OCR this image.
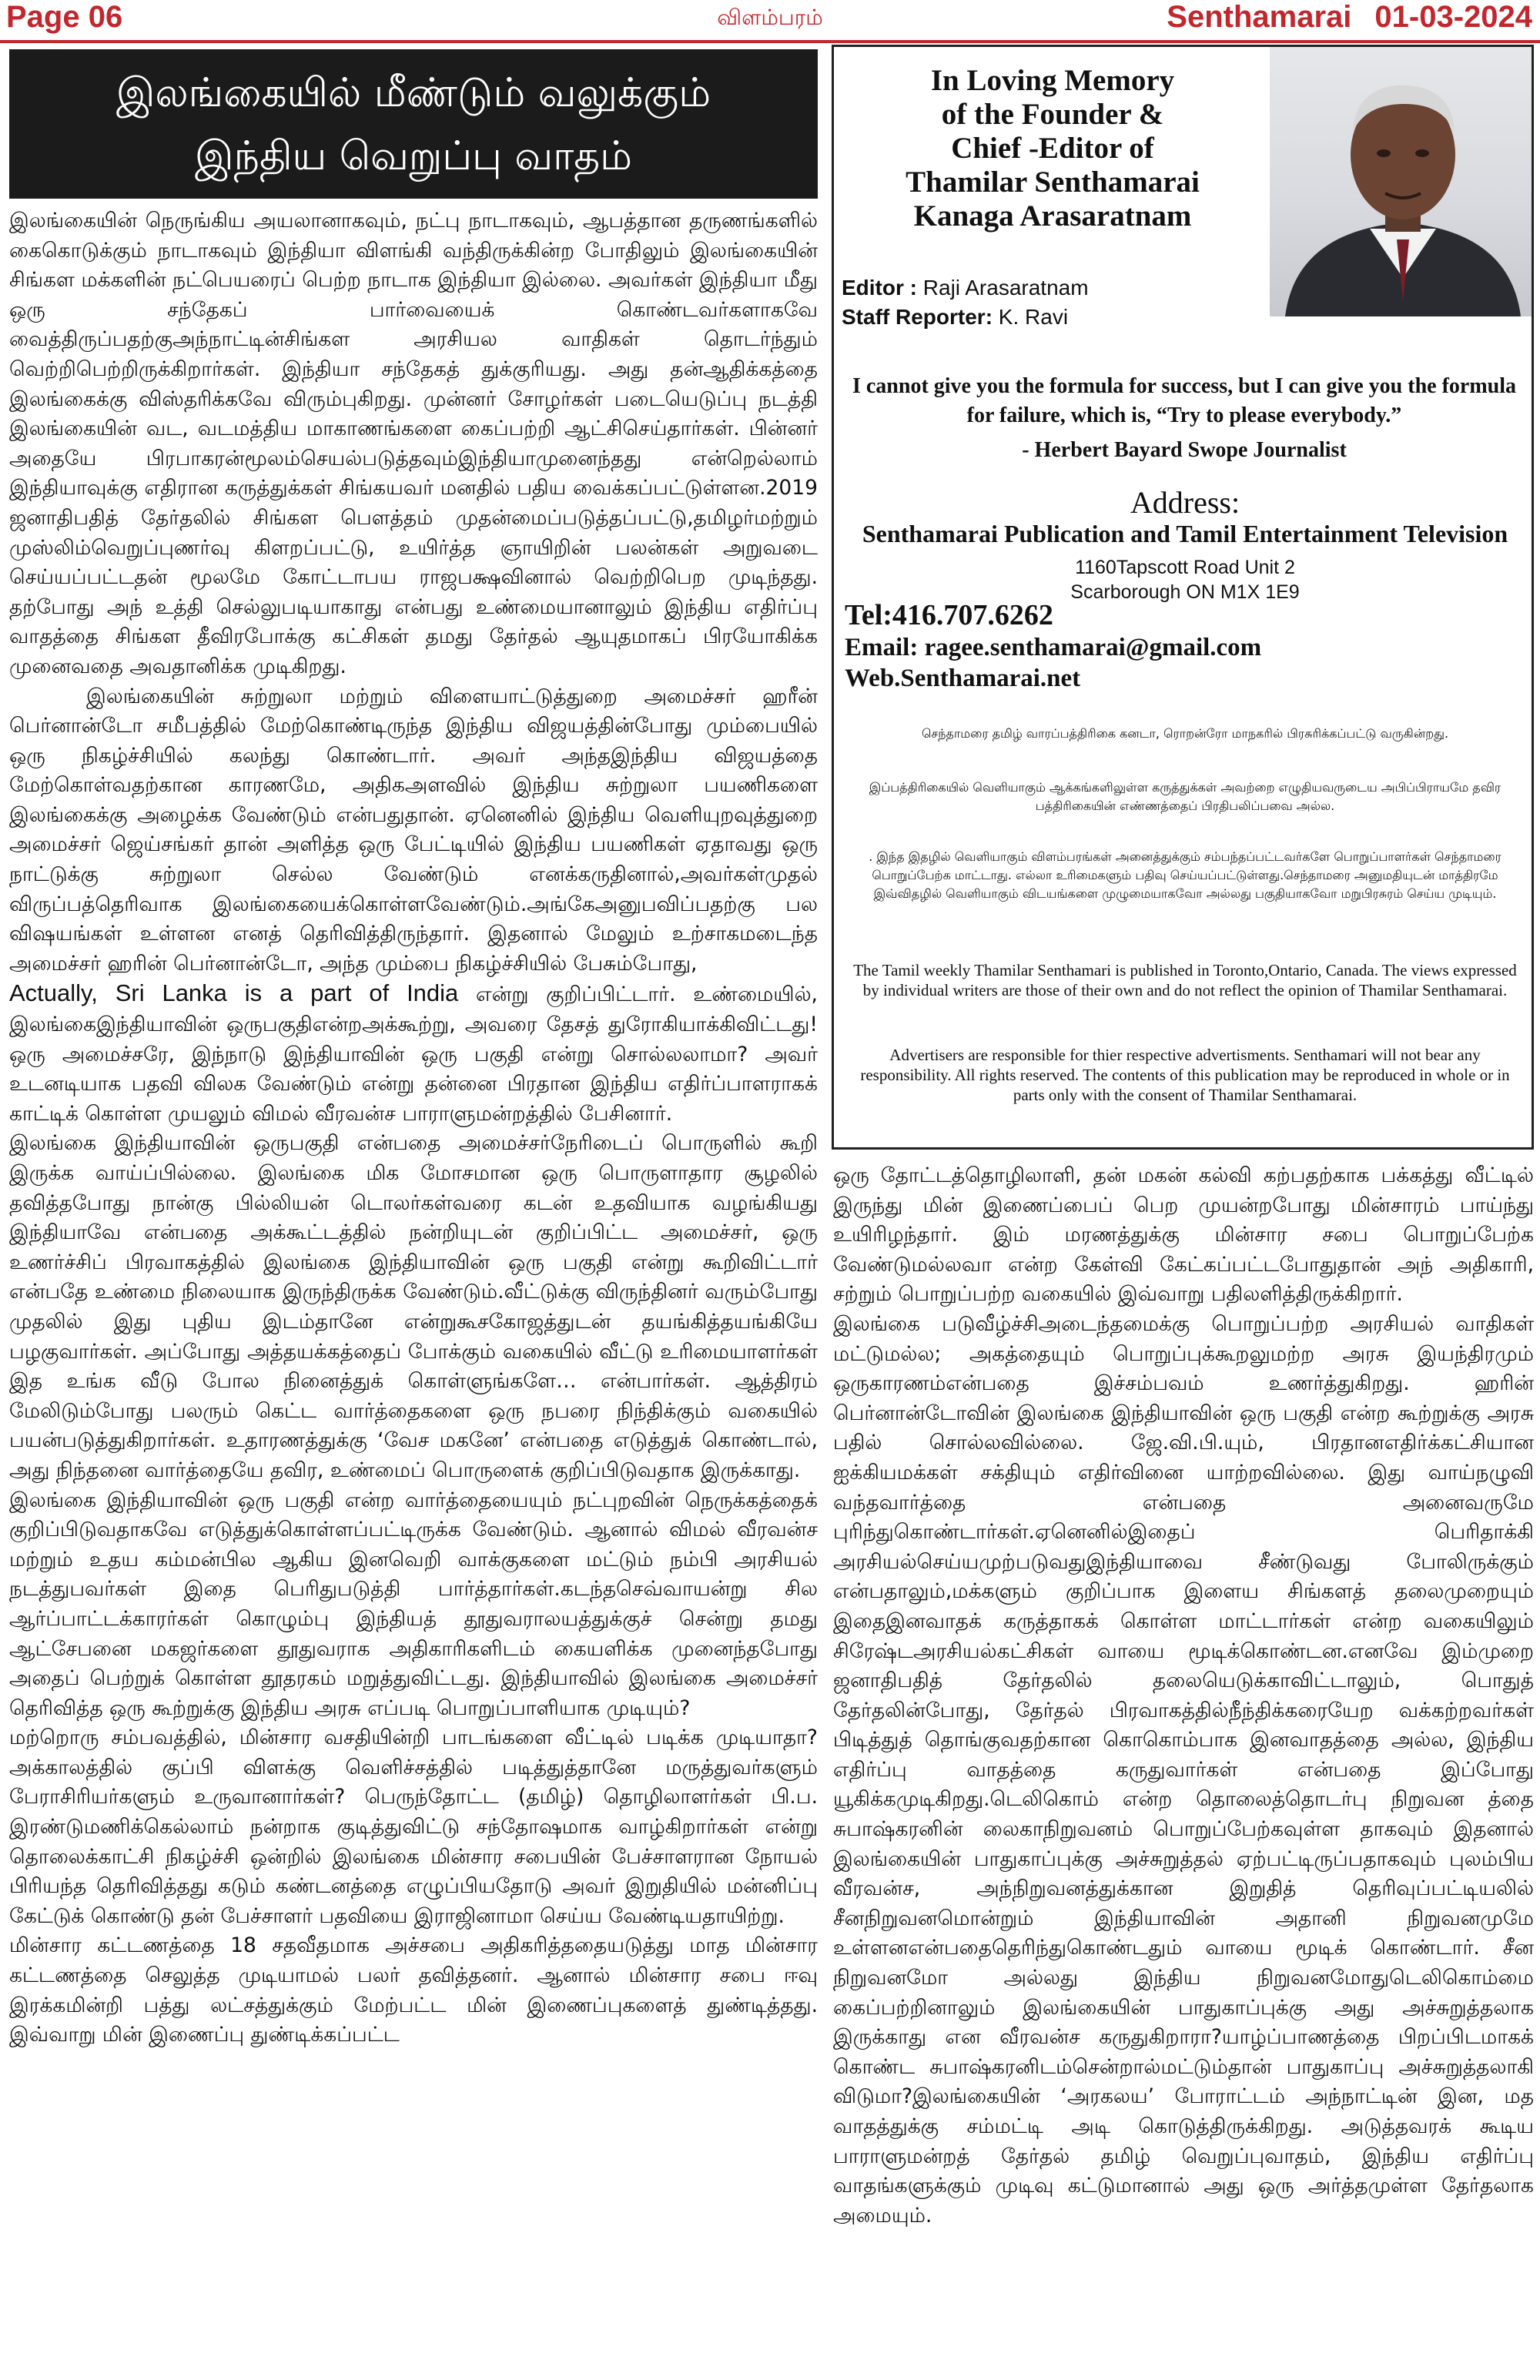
Page 06	விளம்பரம்	Senthamarai 01-03-2024
இலங்கையில் மீண்டும் வலுக்கும்
இந்திய வெறுப்பு வாதம்

இலங்கையின் நெருங்கிய அயலானாகவும், நட்பு நாடாகவும், ஆபத்தான தருணங்களில் கைகொடுக்கும் நாடாகவும் இந்தியா விளங்கி வந்திருக்கின்ற போதிலும் இலங்கையின் சிங்கள மக்களின் நட்பெயரைப் பெற்ற நாடாக இந்தியா இல்லை. அவர்கள் இந்தியா மீது ஒரு சந்தேகப் பார்வையைக் கொண்டவர்களாகவே வைத்திருப்பதற்குஅந்நாட்டின்சிங்கள அரசியல வாதிகள் தொடர்ந்தும் வெற்றிபெற்றிருக்கிறார்கள். இந்தியா சந்தேகத் துக்குரியது. அது தன்ஆதிக்கத்தை இலங்கைக்கு விஸ்தரிக்கவே விரும்புகிறது. முன்னர் சோழர்கள் படையெடுப்பு நடத்தி இலங்கையின் வட, வடமத்திய மாகாணங்களை கைப்பற்றி ஆட்சிசெய்தார்கள். பின்னர் அதையே பிரபாகரன்மூலம்செயல்படுத்தவும்இந்தியாமுனைந்தது என்றெல்லாம் இந்தியாவுக்கு எதிரான கருத்துக்கள் சிங்கயவர் மனதில் பதிய வைக்கப்பட்டுள்ளன.2019 ஜனாதிபதித் தேர்தலில் சிங்கள பௌத்தம் முதன்மைப்படுத்தப்பட்டு,தமிழர்மற்றும் முஸ்லிம்வெறுப்புணர்வு கிளறப்பட்டு, உயிர்த்த ஞாயிறின் பலன்கள் அறுவடை செய்யப்பட்டதன் மூலமே கோட்டாபய ராஜபக்ஷவினால் வெற்றிபெற முடிந்தது. தற்போது அந் உத்தி செல்லுபடியாகாது என்பது உண்மையானாலும் இந்திய எதிர்ப்பு வாதத்தை சிங்கள தீவிரபோக்கு கட்சிகள் தமது தேர்தல் ஆயுதமாகப் பிரயோகிக்க முனைவதை அவதானிக்க முடிகிறது.

இலங்கையின் சுற்றுலா மற்றும் விளையாட்டுத்துறை அமைச்சர் ஹரீன் பெர்னான்டோ சமீபத்தில் மேற்கொண்டிருந்த இந்திய விஜயத்தின்போது மும்பையில் ஒரு நிகழ்ச்சியில் கலந்து கொண்டார். அவர் அந்தஇந்திய விஜயத்தை மேற்கொள்வதற்கான காரணமே, அதிகஅளவில் இந்திய சுற்றுலா பயணிகளை இலங்கைக்கு அழைக்க வேண்டும் என்பதுதான். ஏனெனில் இந்திய வெளியுறவுத்துறை அமைச்சர் ஜெய்சங்கர் தான் அளித்த ஒரு பேட்டியில் இந்திய பயணிகள் ஏதாவது ஒரு நாட்டுக்கு சுற்றுலா செல்ல வேண்டும் எனக்கருதினால்,அவர்கள்முதல் விருப்பத்தெரிவாக இலங்கையைக்கொள்ளவேண்டும்.அங்கேஅனுபவிப்பதற்கு பல விஷயங்கள் உள்ளன எனத் தெரிவித்திருந்தார். இதனால் மேலும் உற்சாகமடைந்த அமைச்சர் ஹரின் பெர்னான்டோ, அந்த மும்பை நிகழ்ச்சியில் பேசும்போது,

Actually, Sri Lanka is a part of India என்று குறிப்பிட்டார். உண்மையில், இலங்கைஇந்தியாவின் ஒருபகுதிஎன்றஅக்கூற்று, அவரை தேசத் துரோகியாக்கிவிட்டது! ஒரு அமைச்சரே, இந்நாடு இந்தியாவின் ஒரு பகுதி என்று சொல்லலாமா? அவர் உடனடியாக பதவி விலக வேண்டும் என்று தன்னை பிரதான இந்திய எதிர்ப்பாளராகக் காட்டிக் கொள்ள முயலும் விமல் வீரவன்ச பாராளுமன்றத்தில் பேசினார்.

இலங்கை இந்தியாவின் ஒருபகுதி என்பதை அமைச்சர்நேரிடைப் பொருளில் கூறி இருக்க வாய்ப்பில்லை. இலங்கை மிக மோசமான ஒரு பொருளாதார சூழலில் தவித்தபோது நான்கு பில்லியன் டொலர்கள்வரை கடன் உதவியாக வழங்கியது இந்தியாவே என்பதை அக்கூட்டத்தில் நன்றியுடன் குறிப்பிட்ட அமைச்சர், ஒரு உணர்ச்சிப் பிரவாகத்தில் இலங்கை இந்தியாவின் ஒரு பகுதி என்று கூறிவிட்டார் என்பதே உண்மை நிலையாக இருந்திருக்க வேண்டும்.வீட்டுக்கு விருந்தினர் வரும்போது முதலில் இது புதிய இடம்தானே என்றுகூசகோஜத்துடன் தயங்கித்தயங்கியே பழகுவார்கள். அப்போது அத்தயக்கத்தைப் போக்கும் வகையில் வீட்டு உரிமையாளர்கள் இத உங்க வீடு போல நினைத்துக் கொள்ளுங்களே… என்பார்கள். ஆத்திரம் மேலிடும்போது பலரும் கெட்ட வார்த்தைகளை ஒரு நபரை நிந்திக்கும் வகையில் பயன்படுத்துகிறார்கள். உதாரணத்துக்கு ‘வேச மகனே’ என்பதை எடுத்துக் கொண்டால், அது நிந்தனை வார்த்தையே தவிர, உண்மைப் பொருளைக் குறிப்பிடுவதாக இருக்காது.

இலங்கை இந்தியாவின் ஒரு பகுதி என்ற வார்த்தையையும் நட்புறவின் நெருக்கத்தைக் குறிப்பிடுவதாகவே எடுத்துக்கொள்ளப்பட்டிருக்க வேண்டும். ஆனால் விமல் வீரவன்ச மற்றும் உதய கம்மன்பில ஆகிய இனவெறி வாக்குகளை மட்டும் நம்பி அரசியல் நடத்துபவர்கள் இதை பெரிதுபடுத்தி பார்த்தார்கள்.கடந்தசெவ்வாயன்று சில ஆர்ப்பாட்டக்காரர்கள் கொழும்பு இந்தியத் தூதுவராலயத்துக்குச் சென்று தமது ஆட்சேபனை மகஜர்களை தூதுவராக அதிகாரிகளிடம் கையளிக்க முனைந்தபோது அதைப் பெற்றுக் கொள்ள தூதரகம் மறுத்துவிட்டது. இந்தியாவில் இலங்கை அமைச்சர் தெரிவித்த ஒரு கூற்றுக்கு இந்திய அரசு எப்படி பொறுப்பாளியாக முடியும்?

மற்றொரு சம்பவத்தில், மின்சார வசதியின்றி பாடங்களை வீட்டில் படிக்க முடியாதா? அக்காலத்தில் குப்பி விளக்கு வெளிச்சத்தில் படித்துத்தானே மருத்துவர்களும் பேராசிரியர்களும் உருவானார்கள்? பெருந்தோட்ட (தமிழ்) தொழிலாளர்கள் பி.ப. இரண்டுமணிக்கெல்லாம் நன்றாக குடித்துவிட்டு சந்தோஷமாக வாழ்கிறார்கள் என்று தொலைக்காட்சி நிகழ்ச்சி ஒன்றில் இலங்கை மின்சார சபையின் பேச்சாளரான நோயல் பிரியந்த தெரிவித்தது கடும் கண்டனத்தை எழுப்பியதோடு அவர் இறுதியில் மன்னிப்பு கேட்டுக் கொண்டு தன் பேச்சாளர் பதவியை இராஜினாமா செய்ய வேண்டியதாயிற்று.

மின்சார கட்டணத்தை 18 சதவீதமாக அச்சபை அதிகரித்ததையடுத்து மாத மின்சார கட்டணத்தை செலுத்த முடியாமல் பலர் தவித்தனர். ஆனால் மின்சார சபை ஈவு இரக்கமின்றி பத்து லட்சத்துக்கும் மேற்பட்ட மின் இணைப்புகளைத் துண்டித்தது. இவ்வாறு மின் இணைப்பு துண்டிக்கப்பட்ட

In Loving Memory
of the Founder &
Chief -Editor of
Thamilar Senthamarai
Kanaga Arasaratnam
Editor : Raji Arasaratnam
Staff Reporter: K. Ravi
I cannot give you the formula for success, but I can give you the formula for failure, which is, “Try to please everybody.”
- Herbert Bayard Swope Journalist
Address:
Senthamarai Publication and Tamil Entertainment Television
1160Tapscott Road Unit 2
Scarborough ON M1X 1E9
Tel:416.707.6262
Email: ragee.senthamarai@gmail.com
Web.Senthamarai.net
செந்தாமரை தமிழ் வாரப்பத்திரிகை கனடா, ரொறன்ரோ மாநகரில் பிரசுரிக்கப்பட்டு வருகின்றது.
இப்பத்திரிகையில் வெளியாகும் ஆக்கங்களிலுள்ள கருத்துக்கள் அவற்றை எழுதியவருடைய அபிப்பிராயமே தவிர பத்திரிகையின் எண்ணத்தைப் பிரதிபலிப்பவை அல்ல.
. இந்த இதழில் வெளியாகும் விளம்பரங்கள் அனைத்துக்கும் சம்பந்தப்பட்டவர்களே பொறுப்பாளர்கள் செந்தாமரை பொறுப்பேற்க மாட்டாது. எல்லா உரிமைகளும் பதிவு செய்யப்பட்டுள்ளது.செந்தாமரை அனுமதியுடன் மாத்திரமே இவ்விதழில் வெளியாகும் விடயங்களை முழுமையாகவோ அல்லது பகுதியாகவோ மறுபிரசுரம் செய்ய முடியும்.
The Tamil weekly Thamilar Senthamari is published in Toronto,Ontario, Canada. The views expressed by individual writers are those of their own and do not reflect the opinion of Thamilar Senthamarai.
Advertisers are responsible for thier respective advertisments. Senthamari will not bear any responsibility. All rights reserved. The contents of this publication may be reproduced in whole or in parts only with the consent of Thamilar Senthamarai.

ஒரு தோட்டத்தொழிலாளி, தன் மகன் கல்வி கற்பதற்காக பக்கத்து வீட்டில் இருந்து மின் இணைப்பைப் பெற முயன்றபோது மின்சாரம் பாய்ந்து உயிரிழந்தார். இம் மரணத்துக்கு மின்சார சபை பொறுப்பேற்க வேண்டுமல்லவா என்ற கேள்வி கேட்கப்பட்டபோதுதான் அந் அதிகாரி, சற்றும் பொறுப்பற்ற வகையில் இவ்வாறு பதிலளித்திருக்கிறார்.

இலங்கை படுவீழ்ச்சிஅடைந்தமைக்கு பொறுப்பற்ற அரசியல் வாதிகள் மட்டுமல்ல; அகத்தையும் பொறுப்புக்கூறலுமற்ற அரசு இயந்திரமும் ஒருகாரணம்என்பதை இச்சம்பவம் உணர்த்துகிறது. ஹரின் பெர்னான்டோவின் இலங்கை இந்தியாவின் ஒரு பகுதி என்ற கூற்றுக்கு அரசு பதில் சொல்லவில்லை. ஜே.வி.பி.யும், பிரதானஎதிர்க்கட்சியான ஐக்கியமக்கள் சக்தியும் எதிர்வினை யாற்றவில்லை. இது வாய்நழுவி வந்தவார்த்தை என்பதை அனைவருமே புரிந்துகொண்டார்கள்.ஏனெனில்இதைப் பெரிதாக்கி அரசியல்செய்யமுற்படுவதுஇந்தியாவை சீண்டுவது போலிருக்கும் என்பதாலும்,மக்களும் குறிப்பாக இளைய சிங்களத் தலைமுறையும் இதைஇனவாதக் கருத்தாகக் கொள்ள மாட்டார்கள் என்ற வகையிலும் சிரேஷ்டஅரசியல்கட்சிகள் வாயை மூடிக்கொண்டன.எனவே இம்முறை ஜனாதிபதித் தேர்தலில் தலையெடுக்காவிட்டாலும், பொதுத் தேர்தலின்போது, தேர்தல் பிரவாகத்தில்நீந்திக்கரையேற வக்கற்றவர்கள் பிடித்துத் தொங்குவதற்கான கொகொம்பாக இனவாதத்தை அல்ல, இந்திய எதிர்ப்பு வாதத்தை கருதுவார்கள் என்பதை இப்போது யூகிக்கமுடிகிறது.டெலிகொம் என்ற தொலைத்தொடர்பு நிறுவன த்தை சுபாஷ்கரனின் லைகாநிறுவனம் பொறுப்பேற்கவுள்ள தாகவும் இதனால் இலங்கையின் பாதுகாப்புக்கு அச்சுறுத்தல் ஏற்பட்டிருப்பதாகவும் புலம்பிய வீரவன்ச, அந்நிறுவனத்துக்கான இறுதித் தெரிவுப்பட்டியலில் சீனநிறுவனமொன்றும் இந்தியாவின் அதானி நிறுவனமுமே உள்ளனஎன்பதைதெரிந்துகொண்டதும் வாயை மூடிக் கொண்டார். சீன நிறுவனமோ அல்லது இந்திய நிறுவனமோதுடெலிகொம்மை கைப்பற்றினாலும் இலங்கையின் பாதுகாப்புக்கு அது அச்சுறுத்தலாக இருக்காது என வீரவன்ச கருதுகிறாரா?யாழ்ப்பாணத்தை பிறப்பிடமாகக் கொண்ட சுபாஷ்கரனிடம்சென்றால்மட்டும்தான் பாதுகாப்பு அச்சுறுத்தலாகி விடுமா?இலங்கையின் ‘அரகலய’ போராட்டம் அந்நாட்டின் இன, மத வாதத்துக்கு சம்மட்டி அடி கொடுத்திருக்கிறது. அடுத்தவரக் கூடிய பாராளுமன்றத் தேர்தல் தமிழ் வெறுப்புவாதம், இந்திய எதிர்ப்பு வாதங்களுக்கும் முடிவு கட்டுமானால் அது ஒரு அர்த்தமுள்ள தேர்தலாக அமையும்.
